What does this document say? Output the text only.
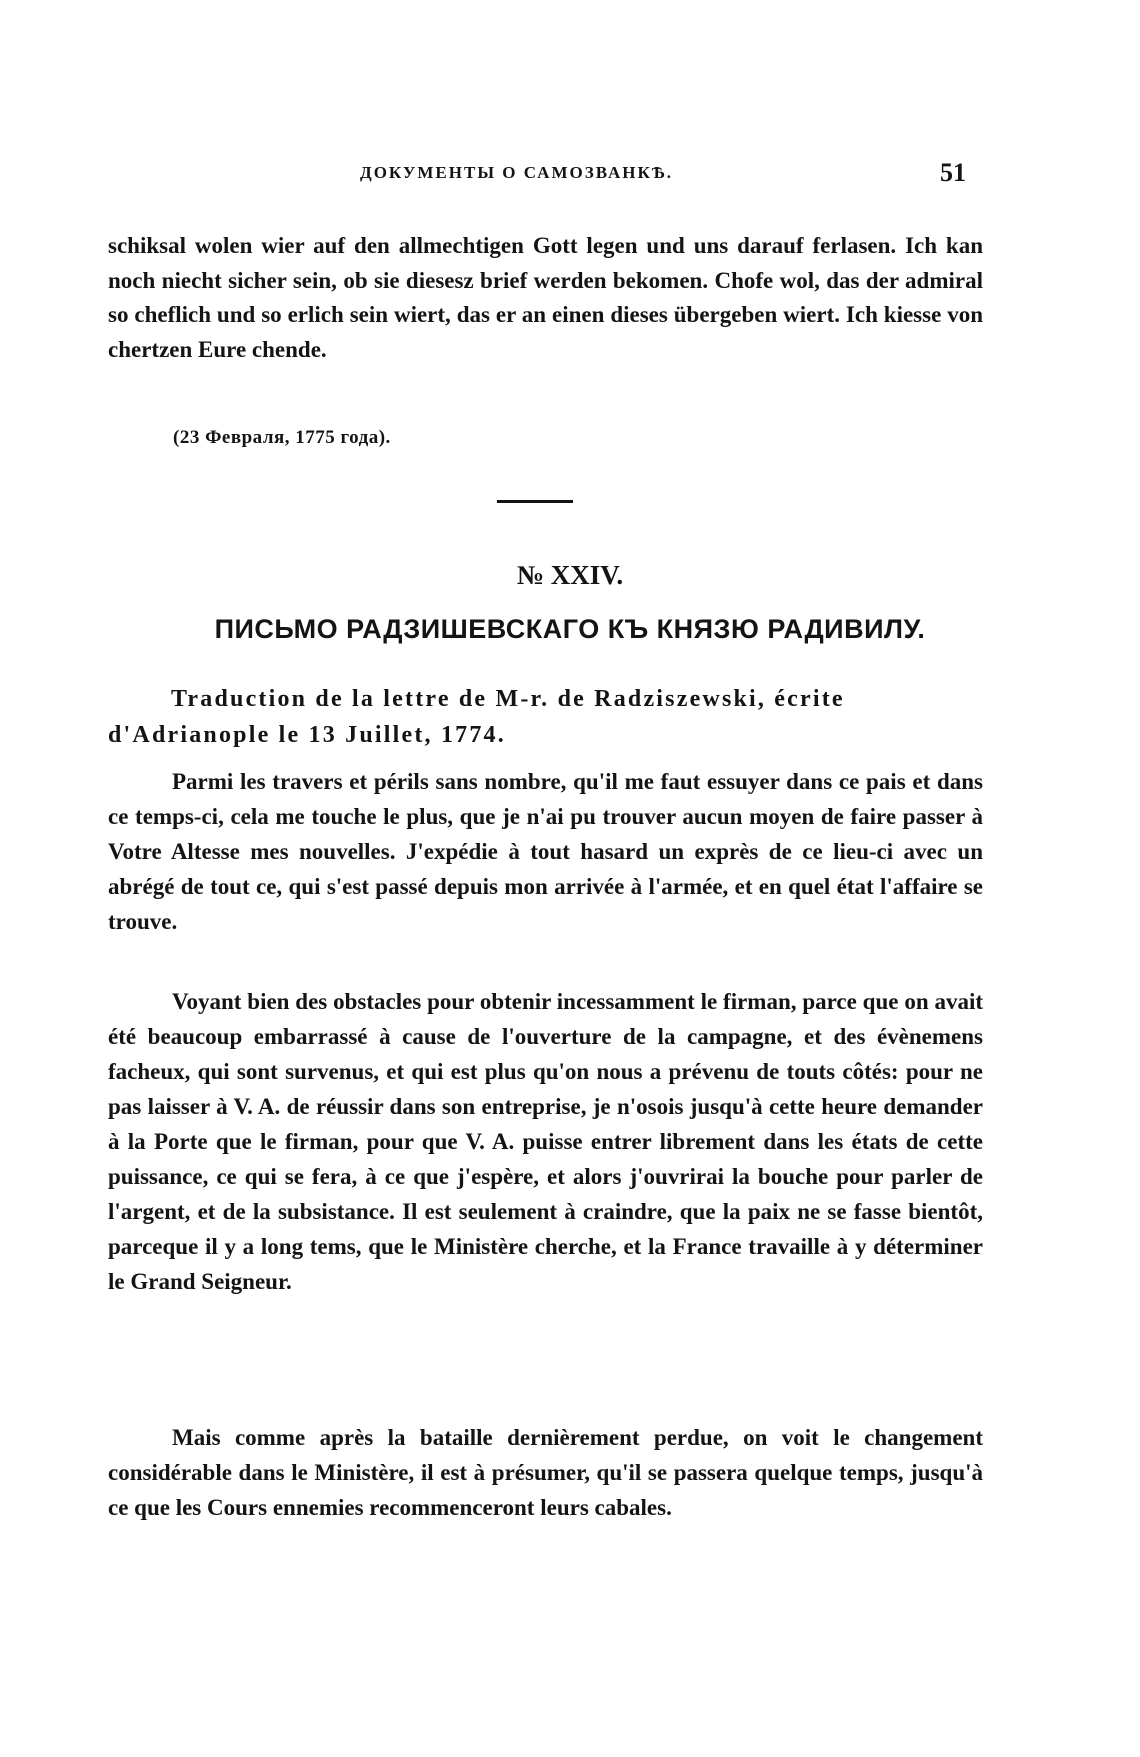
ДОКУМЕНТЫ О САМОЗВАНКѢ.	51
schiksal wolen wier auf den allmechtigen Gott legen und uns darauf ferlasen. Ich kan noch niecht sicher sein, ob sie diesesz brief werden bekomen. Chofe wol, das der admiral so cheflich und so erlich sein wiert, das er an einen dieses übergeben wiert. Ich kiesse von chertzen Eure chende.
(23 Февраля, 1775 года).
№ XXIV.
ПИСЬМО РАДЗИШЕВСКАГО КЪ КНЯЗЮ РАДИВИЛУ.
Traduction de la lettre de M-r. de Radziszewski, écrite
d'Adrianople le 13 Juillet, 1774.
Parmi les travers et périls sans nombre, qu'il me faut essuyer dans ce pais et dans ce temps-ci, cela me touche le plus, que je n'ai pu trouver aucun moyen de faire passer à Votre Altesse mes nouvelles. J'expédie à tout hasard un exprès de ce lieu-ci avec un abrégé de tout ce, qui s'est passé depuis mon arrivée à l'armée, et en quel état l'affaire se trouve.
Voyant bien des obstacles pour obtenir incessamment le firman, parce que on avait été beaucoup embarrassé à cause de l'ouverture de la campagne, et des évènemens facheux, qui sont survenus, et qui est plus qu'on nous a prévenu de touts côtés: pour ne pas laisser à V. A. de réussir dans son entreprise, je n'osois jusqu'à cette heure demander à la Porte que le firman, pour que V. A. puisse entrer librement dans les états de cette puissance, ce qui se fera, à ce que j'espère, et alors j'ouvrirai la bouche pour parler de l'argent, et de la subsistance. Il est seulement à craindre, que la paix ne se fasse bientôt, parceque il y a long tems, que le Ministère cherche, et la France travaille à y déterminer le Grand Seigneur.
Mais comme après la bataille dernièrement perdue, on voit le changement considérable dans le Ministère, il est à présumer, qu'il se passera quelque temps, jusqu'à ce que les Cours ennemies recommenceront leurs cabales.
